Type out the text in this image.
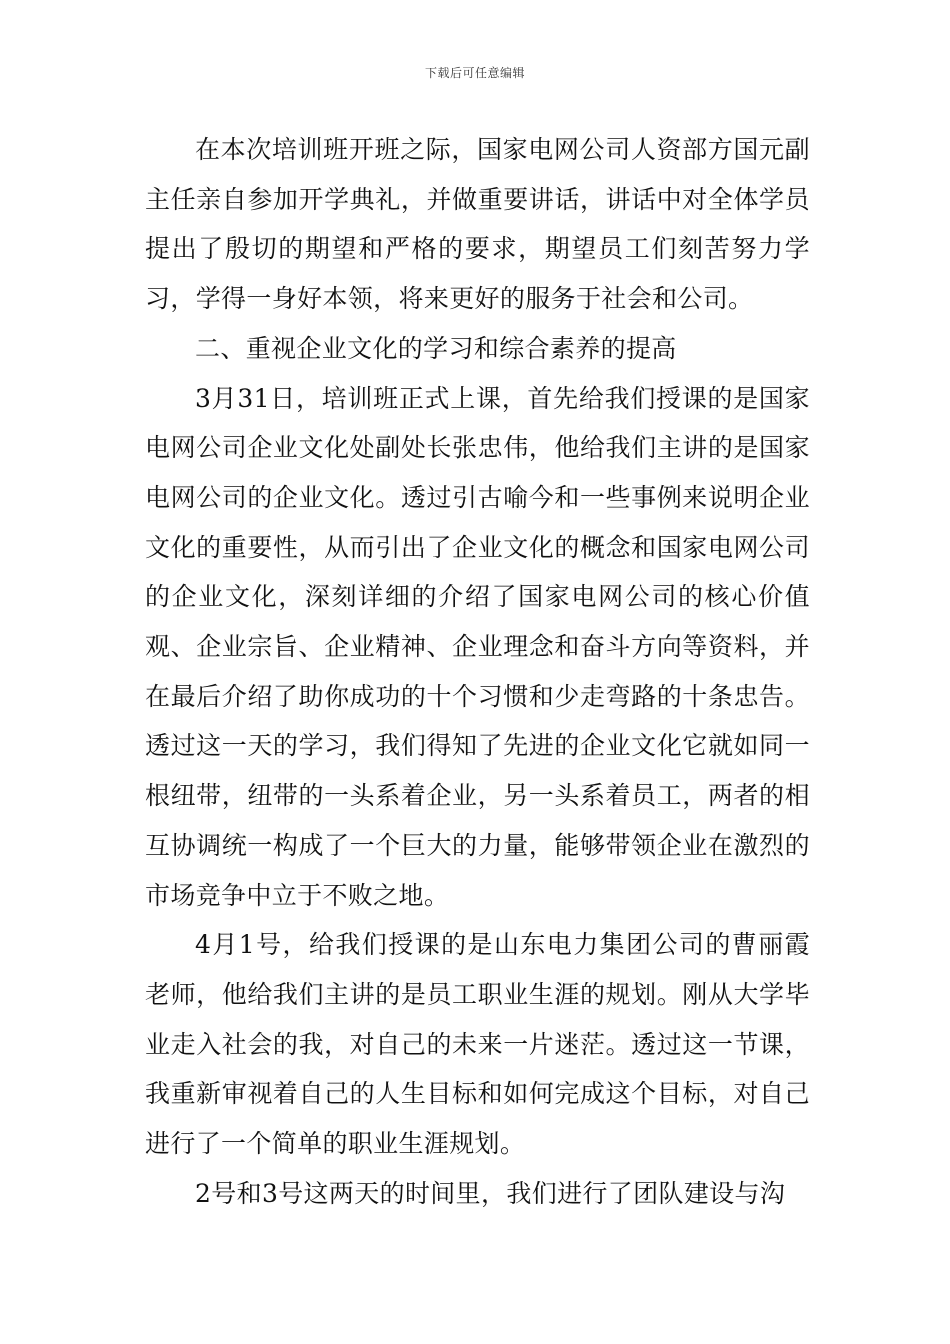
下载后可任意编辑

在本次培训班开班之际，国家电网公司人资部方国元副主任亲自参加开学典礼，并做重要讲话，讲话中对全体学员提出了殷切的期望和严格的要求，期望员工们刻苦努力学习，学得一身好本领，将来更好的服务于社会和公司。

二、重视企业文化的学习和综合素养的提高

3月31日，培训班正式上课，首先给我们授课的是国家电网公司企业文化处副处长张忠伟，他给我们主讲的是国家电网公司的企业文化。透过引古喻今和一些事例来说明企业文化的重要性，从而引出了企业文化的概念和国家电网公司的企业文化，深刻详细的介绍了国家电网公司的核心价值观、企业宗旨、企业精神、企业理念和奋斗方向等资料，并在最后介绍了助你成功的十个习惯和少走弯路的十条忠告。透过这一天的学习，我们得知了先进的企业文化它就如同一根纽带，纽带的一头系着企业，另一头系着员工，两者的相互协调统一构成了一个巨大的力量，能够带领企业在激烈的市场竞争中立于不败之地。

4月1号，给我们授课的是山东电力集团公司的曹丽霞老师，他给我们主讲的是员工职业生涯的规划。刚从大学毕业走入社会的我，对自己的未来一片迷茫。透过这一节课，我重新审视着自己的人生目标和如何完成这个目标，对自己进行了一个简单的职业生涯规划。

2号和3号这两天的时间里，我们进行了团队建设与沟
